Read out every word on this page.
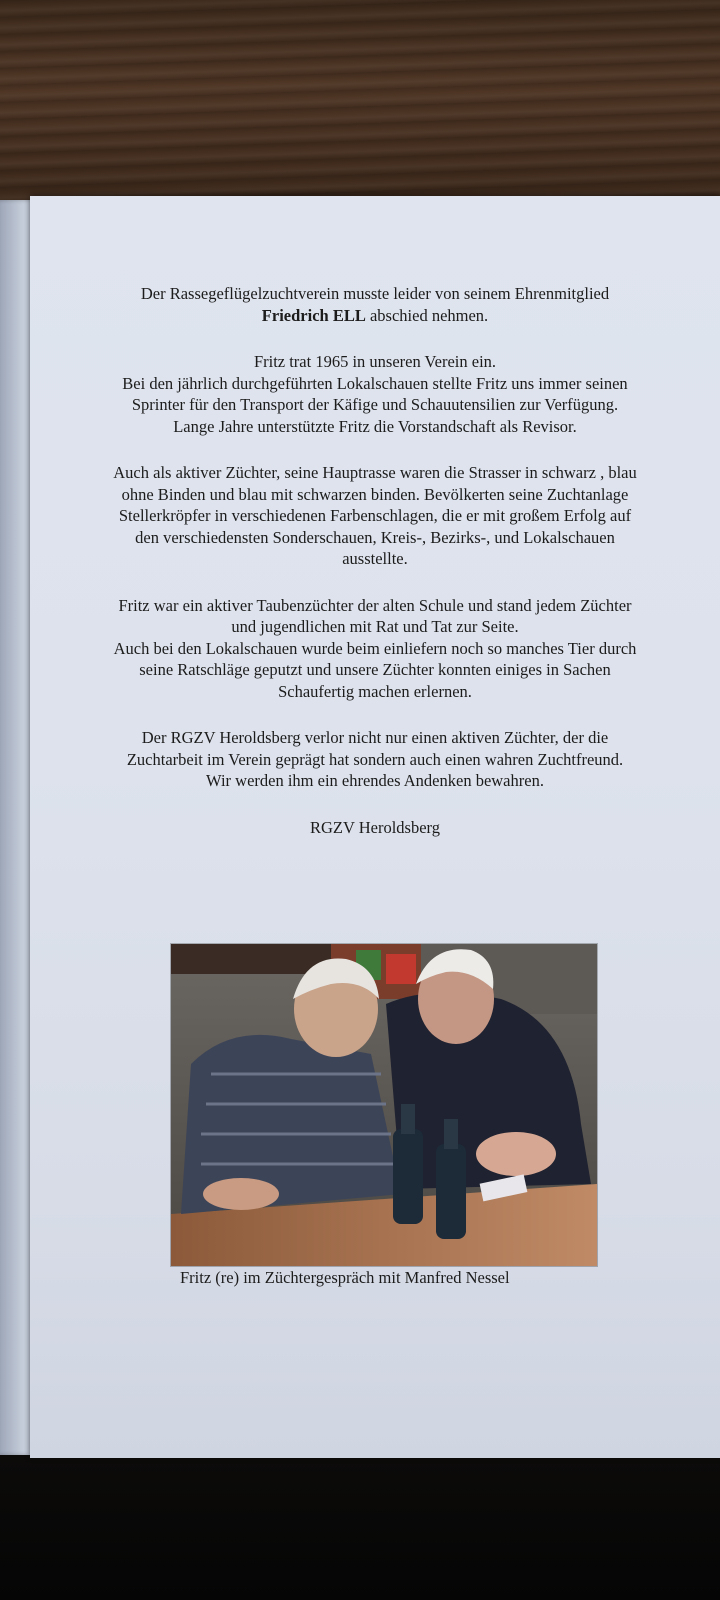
Der Rassegeflügelzuchtverein musste leider von seinem Ehrenmitglied

Friedrich ELL abschied nehmen.

Fritz trat 1965 in unseren Verein ein.

Bei den jährlich durchgeführten Lokalschauen stellte Fritz uns immer seinen

Sprinter für den Transport der Käfige und Schauutensilien zur Verfügung.

Lange Jahre unterstützte Fritz die Vorstandschaft als Revisor.

Auch als aktiver Züchter, seine Hauptrasse waren die Strasser in schwarz , blau

ohne Binden und blau mit schwarzen binden. Bevölkerten seine Zuchtanlage

Stellerkröpfer in verschiedenen Farbenschlagen, die er mit großem Erfolg auf

den verschiedensten Sonderschauen, Kreis-, Bezirks-, und Lokalschauen

ausstellte.

Fritz war ein aktiver Taubenzüchter der alten Schule und stand jedem Züchter

und jugendlichen mit Rat und Tat zur Seite.

Auch bei den Lokalschauen wurde beim einliefern noch so manches Tier durch

seine Ratschläge geputzt und unsere Züchter konnten einiges in Sachen

Schaufertig machen erlernen.

Der RGZV Heroldsberg verlor nicht nur einen aktiven Züchter, der die

Zuchtarbeit im Verein geprägt hat sondern auch einen wahren Zuchtfreund.

Wir werden ihm ein ehrendes Andenken bewahren.

RGZV Heroldsberg

Fritz (re) im Züchtergespräch mit Manfred Nessel
